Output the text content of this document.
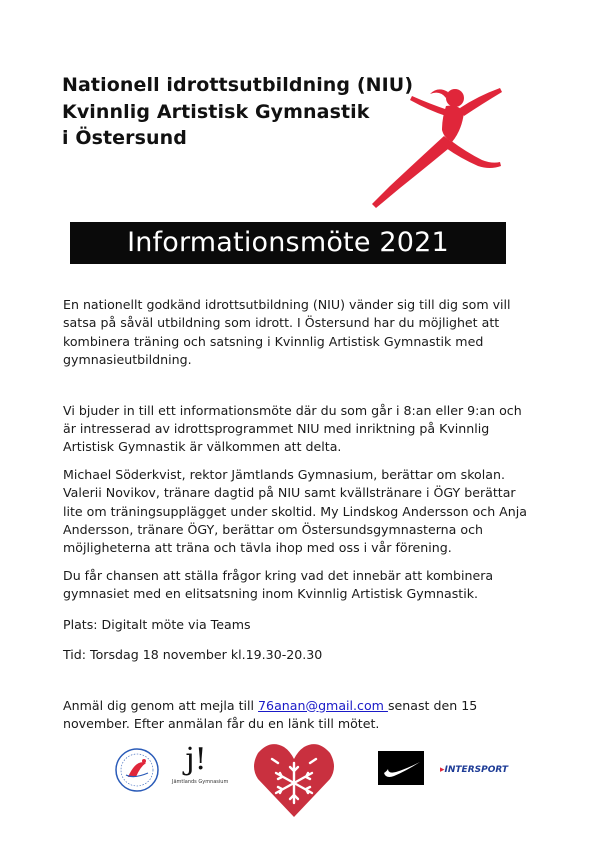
Nationell idrottsutbildning (NIU)
Kvinnlig Artistisk Gymnastik
i Östersund
Informationsmöte 2021

En nationellt godkänd idrottsutbildning (NIU) vänder sig till dig som vill satsa på såväl utbildning som idrott. I Östersund har du möjlighet att kombinera träning och satsning i Kvinnlig Artistisk Gymnastik med gymnasieutbildning.

Vi bjuder in till ett informationsmöte där du som går i 8:an eller 9:an och är intresserad av idrottsprogrammet NIU med inriktning på Kvinnlig Artistisk Gymnastik är välkommen att delta.

Michael Söderkvist, rektor Jämtlands Gymnasium, berättar om skolan. Valerii Novikov, tränare dagtid på NIU samt kvällstränare i ÖGY berättar lite om träningsupplägget under skoltid. My Lindskog Andersson och Anja Andersson, tränare ÖGY, berättar om Östersundsgymnasterna och möjligheterna att träna och tävla ihop med oss i vår förening.

Du får chansen att ställa frågor kring vad det innebär att kombinera gymnasiet med en elitsatsning inom Kvinnlig Artistisk Gymnastik.

Plats: Digitalt möte via Teams

Tid: Torsdag 18 november kl.19.30-20.30

Anmäl dig genom att mejla till 76anan@gmail.com senast den 15 november. Efter anmälan får du en länk till mötet.

j!
Jämtlands Gymnasium
▸INTERSPORT
